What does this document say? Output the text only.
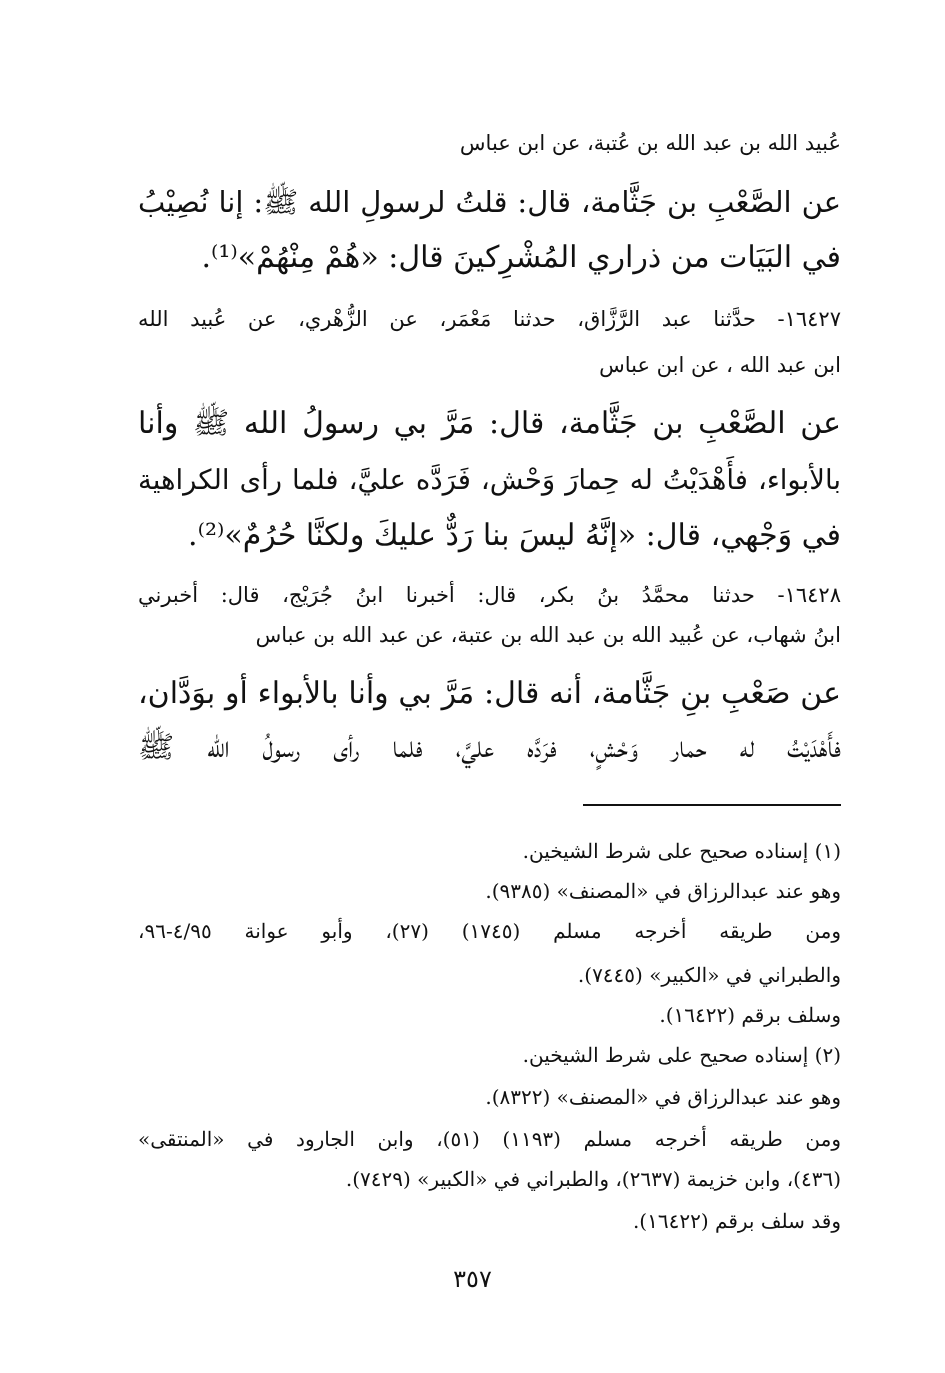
عُبيد الله بن عبد الله بن عُتبة، عن ابن عباس
عن الصَّعْبِ بن جَثَّامة، قال: قلتُ لرسولِ الله ﷺ: إنا نُصِيْبُ
في البَيَات من ذراري المُشْرِكينَ قال: «هُمْ مِنْهُمْ»⁽¹⁾.
١٦٤٢٧- حدَّثنا عبد الرَّزَّاق، حدثنا مَعْمَر، عن الزُّهْري، عن عُبيد الله
ابن عبد الله ، عن ابن عباس
عن الصَّعْبِ بن جَثَّامة، قال: مَرَّ بي رسولُ الله ﷺ وأنا
بالأبواء، فأَهْدَيْتُ له حِمارَ وَحْش، فَرَدَّه عليَّ، فلما رأى الكراهية
في وَجْهي، قال: «إنَّهُ ليسَ بنا رَدٌّ عليكَ ولكنَّا حُرُمٌ»⁽²⁾.
١٦٤٢٨- حدثنا محمَّدُ بنُ بكر، قال: أخبرنا ابنُ جُرَيْج، قال: أخبرني
ابنُ شهاب، عن عُبيد الله بن عبد الله بن عتبة، عن عبد الله بن عباس
عن صَعْبِ بنِ جَثَّامة، أنه قال: مَرَّ بي وأنا بالأبواء أو بوَدَّان،
فأَهْدَيْتُ له حمار وَحْشٍ، فرَدَّه عليَّ، فلما رأى رسولُ الله ﷺ
(١) إسناده صحيح على شرط الشيخين.
وهو عند عبدالرزاق في «المصنف» (٩٣٨٥).
ومن طريقه أخرجه مسلم (١٧٤٥) (٢٧)، وأبو عوانة ٤/٩٥-٩٦،
والطبراني في «الكبير» (٧٤٤٥).
وسلف برقم (١٦٤٢٢).
(٢) إسناده صحيح على شرط الشيخين.
وهو عند عبدالرزاق في «المصنف» (٨٣٢٢).
ومن طريقه أخرجه مسلم (١١٩٣) (٥١)، وابن الجارود في «المنتقى»
(٤٣٦)، وابن خزيمة (٢٦٣٧)، والطبراني في «الكبير» (٧٤٢٩).
وقد سلف برقم (١٦٤٢٢).
٣٥٧
